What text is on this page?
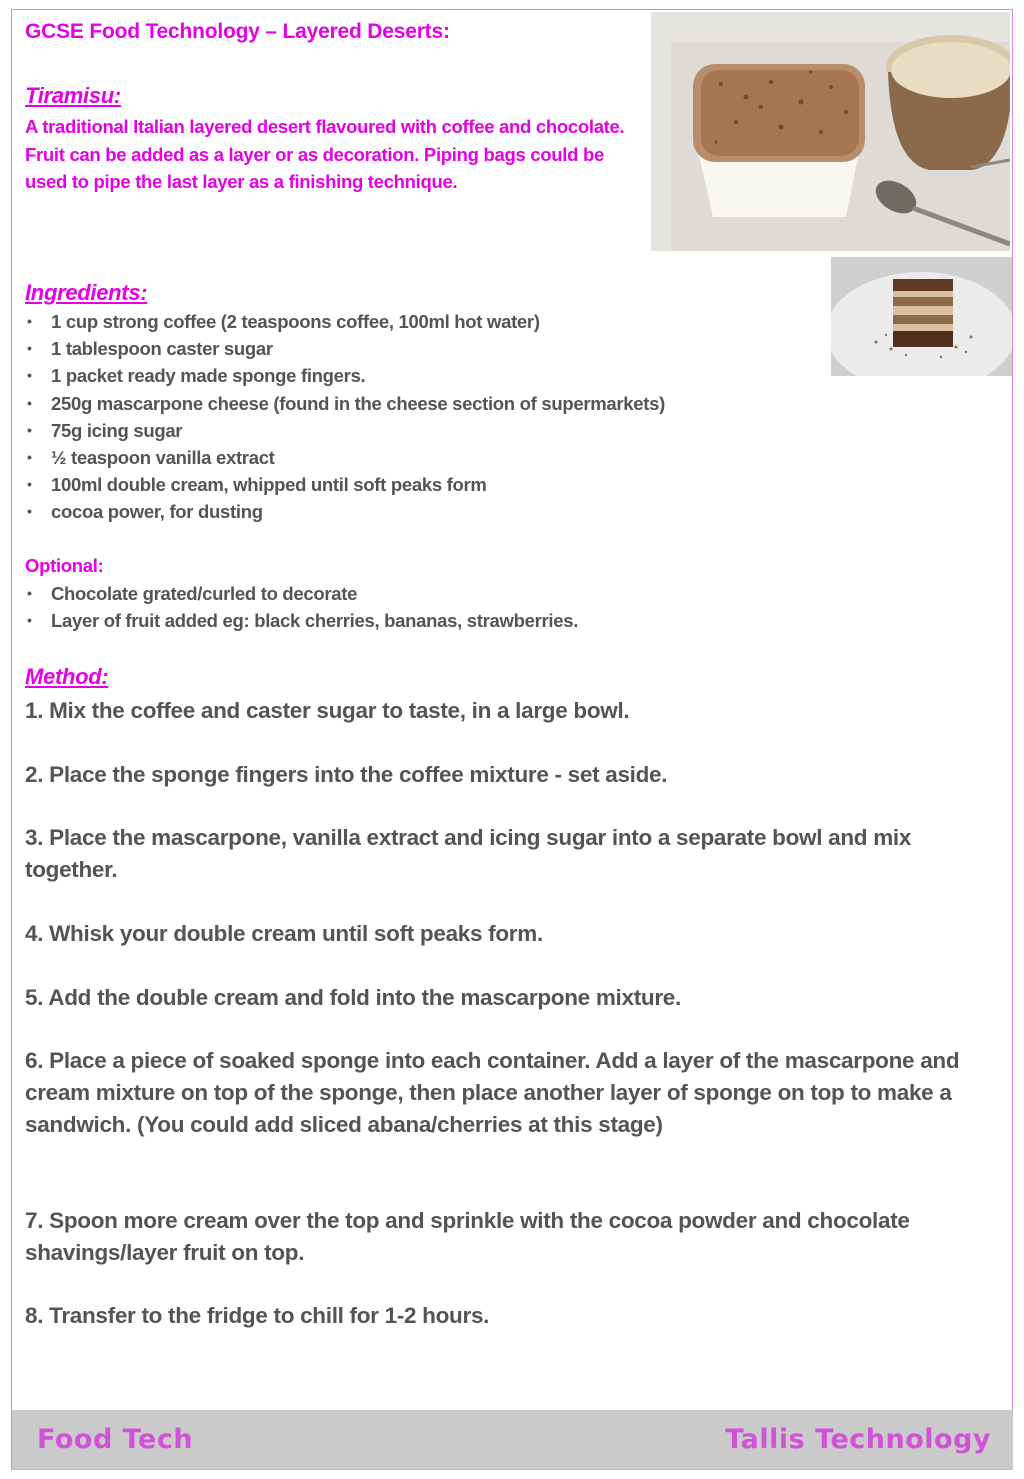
GCSE Food Technology – Layered Deserts:
Tiramisu:
A traditional Italian layered desert flavoured with coffee and chocolate. Fruit can be added as a layer or as decoration. Piping bags could be used to pipe the last layer as a finishing technique.
Ingredients:
• 1 cup strong coffee (2 teaspoons coffee, 100ml hot water)
• 1 tablespoon caster sugar
• 1 packet ready made sponge fingers.
• 250g mascarpone cheese (found in the cheese section of supermarkets)
• 75g icing sugar
• ½ teaspoon vanilla extract
• 100ml double cream, whipped until soft peaks form
• cocoa power, for dusting
Optional:
• Chocolate grated/curled to decorate
• Layer of fruit added eg: black cherries, bananas, strawberries.
Method:
1. Mix the coffee and caster sugar to taste, in a large bowl.
2. Place the sponge fingers into the coffee mixture - set aside.
3. Place the mascarpone, vanilla extract and icing sugar into a separate bowl and mix together.
4. Whisk your double cream until soft peaks form.
5. Add the double cream and fold into the mascarpone mixture.
6. Place a piece of soaked sponge into each container. Add a layer of the mascarpone and cream mixture on top of the sponge, then place another layer of sponge on top to make a sandwich. (You could add sliced abana/cherries at this stage)
7. Spoon more cream over the top and sprinkle with the cocoa powder and chocolate shavings/layer fruit on top.
8. Transfer to the fridge to chill for 1-2 hours.
Food Tech	Tallis Technology
